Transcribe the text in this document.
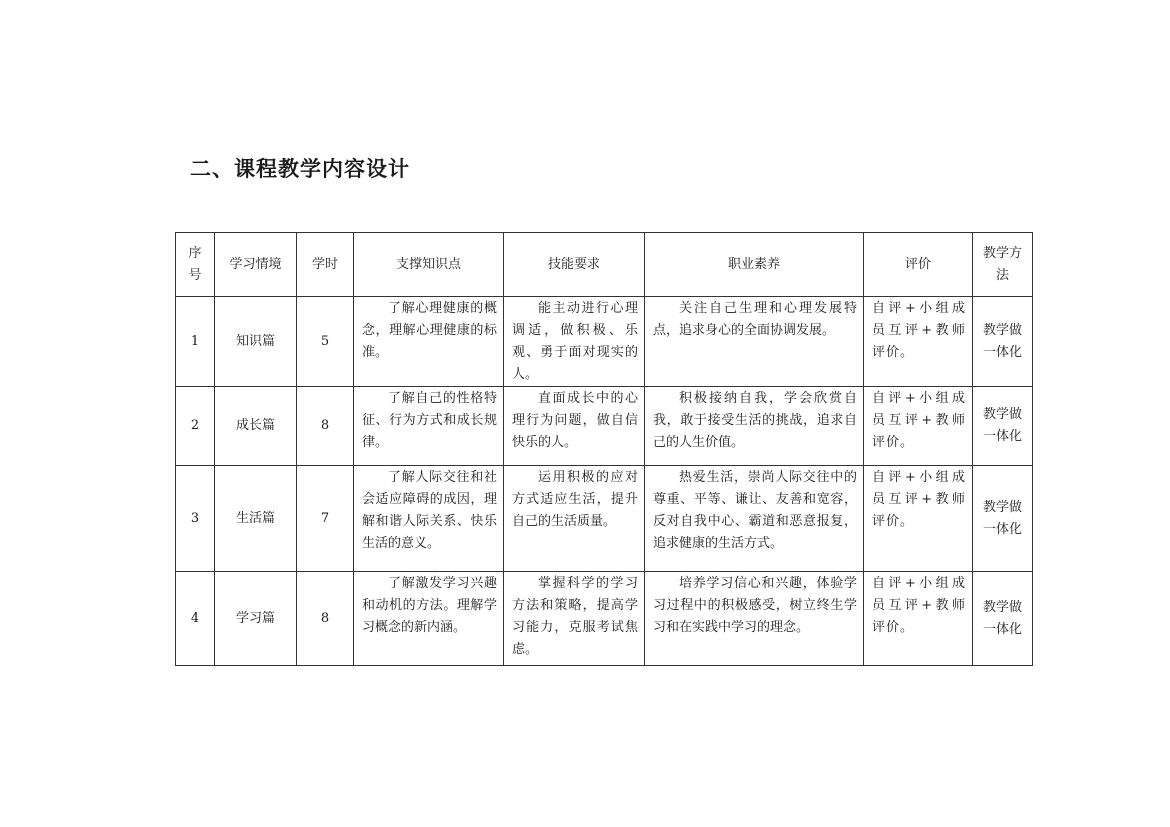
二、课程教学内容设计
序号	学习情境	学时	支撑知识点	技能要求	职业素养	评价	教学方法
1	知识篇	5	了解心理健康的概念，理解心理健康的标准。	能主动进行心理调适，做积极、乐观、勇于面对现实的人。	关注自己生理和心理发展特点，追求身心的全面协调发展。	自评+小组成员互评+教师评价。	教学做一体化
2	成长篇	8	了解自己的性格特征、行为方式和成长规律。	直面成长中的心理行为问题，做自信快乐的人。	积极接纳自我，学会欣赏自我，敢于接受生活的挑战，追求自己的人生价值。	自评+小组成员互评+教师评价。	教学做一体化
3	生活篇	7	了解人际交往和社会适应障碍的成因，理解和谐人际关系、快乐生活的意义。	运用积极的应对方式适应生活，提升自己的生活质量。	热爱生活，崇尚人际交往中的尊重、平等、谦让、友善和宽容，反对自我中心、霸道和恶意报复，追求健康的生活方式。	自评+小组成员互评+教师评价。	教学做一体化
4	学习篇	8	了解激发学习兴趣和动机的方法。理解学习概念的新内涵。	掌握科学的学习方法和策略，提高学习能力，克服考试焦虑。	培养学习信心和兴趣，体验学习过程中的积极感受，树立终生学习和在实践中学习的理念。	自评+小组成员互评+教师评价。	教学做一体化
